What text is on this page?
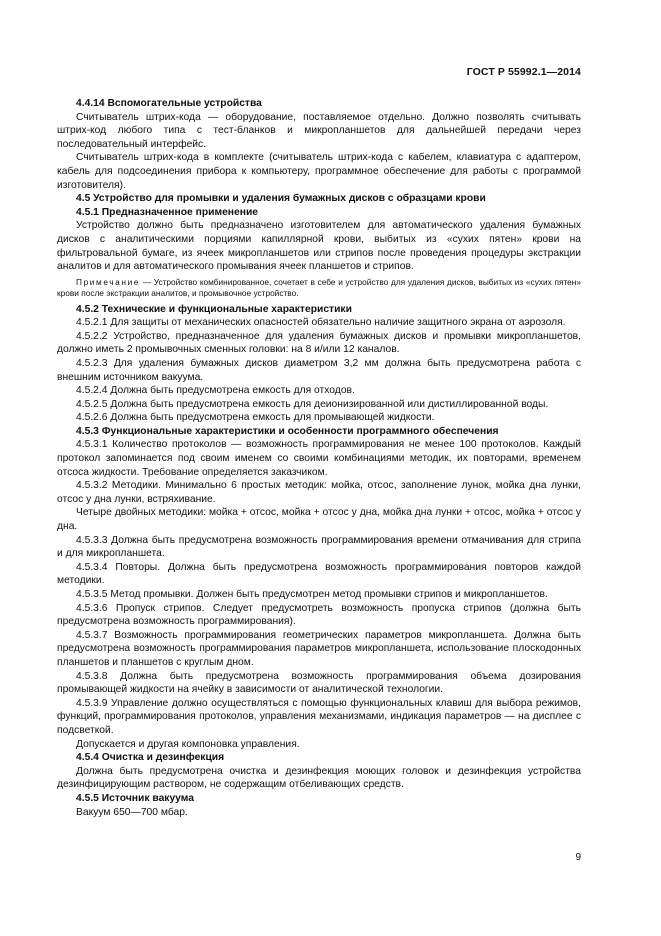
ГОСТ Р 55992.1—2014

4.4.14 Вспомогательные устройства

Считыватель штрих-кода — оборудование, поставляемое отдельно. Должно позволять считывать штрих-код любого типа с тест-бланков и микропланшетов для дальнейшей передачи через последовательный интерфейс.

Считыватель штрих-кода в комплекте (считыватель штрих-кода с кабелем, клавиатура с адаптером, кабель для подсоединения прибора к компьютеру, программное обеспечение для работы с программой изготовителя).

4.5 Устройство для промывки и удаления бумажных дисков с образцами крови

4.5.1 Предназначенное применение

Устройство должно быть предназначено изготовителем для автоматического удаления бумажных дисков с аналитическими порциями капиллярной крови, выбитых из «сухих пятен» крови на фильтровальной бумаге, из ячеек микропланшетов или стрипов после проведения процедуры экстракции аналитов и для автоматического промывания ячеек планшетов и стрипов.

Примечание — Устройство комбинированное, сочетает в себе и устройство для удаления дисков, выбитых из «сухих пятен» крови после экстракции аналитов, и промывочное устройство.

4.5.2 Технические и функциональные характеристики

4.5.2.1 Для защиты от механических опасностей обязательно наличие защитного экрана от аэрозоля.

4.5.2.2 Устройство, предназначенное для удаления бумажных дисков и промывки микропланшетов, должно иметь 2 промывочных сменных головки: на 8 и/или 12 каналов.

4.5.2.3 Для удаления бумажных дисков диаметром 3,2 мм должна быть предусмотрена работа с внешним источником вакуума.

4.5.2.4 Должна быть предусмотрена емкость для отходов.

4.5.2.5 Должна быть предусмотрена емкость для деионизированной или дистиллированной воды.

4.5.2.6 Должна быть предусмотрена емкость для промывающей жидкости.

4.5.3 Функциональные характеристики и особенности программного обеспечения

4.5.3.1 Количество протоколов — возможность программирования не менее 100 протоколов. Каждый протокол запоминается под своим именем со своими комбинациями методик, их повторами, временем отсоса жидкости. Требование определяется заказчиком.

4.5.3.2 Методики. Минимально 6 простых методик: мойка, отсос, заполнение лунок, мойка дна лунки, отсос у дна лунки, встряхивание.

Четыре двойных методики: мойка + отсос, мойка + отсос у дна, мойка дна лунки + отсос, мойка + отсос у дна.

4.5.3.3 Должна быть предусмотрена возможность программирования времени отмачивания для стрипа и для микропланшета.

4.5.3.4 Повторы. Должна быть предусмотрена возможность программирования повторов каждой методики.

4.5.3.5 Метод промывки. Должен быть предусмотрен метод промывки стрипов и микропланшетов.

4.5.3.6 Пропуск стрипов. Следует предусмотреть возможность пропуска стрипов (должна быть предусмотрена возможность программирования).

4.5.3.7 Возможность программирования геометрических параметров микропланшета. Должна быть предусмотрена возможность программирования параметров микропланшета, использование плоскодонных планшетов и планшетов с круглым дном.

4.5.3.8 Должна быть предусмотрена возможность программирования объема дозирования промывающей жидкости на ячейку в зависимости от аналитической технологии.

4.5.3.9 Управление должно осуществляться с помощью функциональных клавиш для выбора режимов, функций, программирования протоколов, управления механизмами, индикация параметров — на дисплее с подсветкой.

Допускается и другая компоновка управления.

4.5.4 Очистка и дезинфекция

Должна быть предусмотрена очистка и дезинфекция моющих головок и дезинфекция устройства дезинфицирующим раствором, не содержащим отбеливающих средств.

4.5.5 Источник вакуума

Вакуум 650—700 мбар.

9
